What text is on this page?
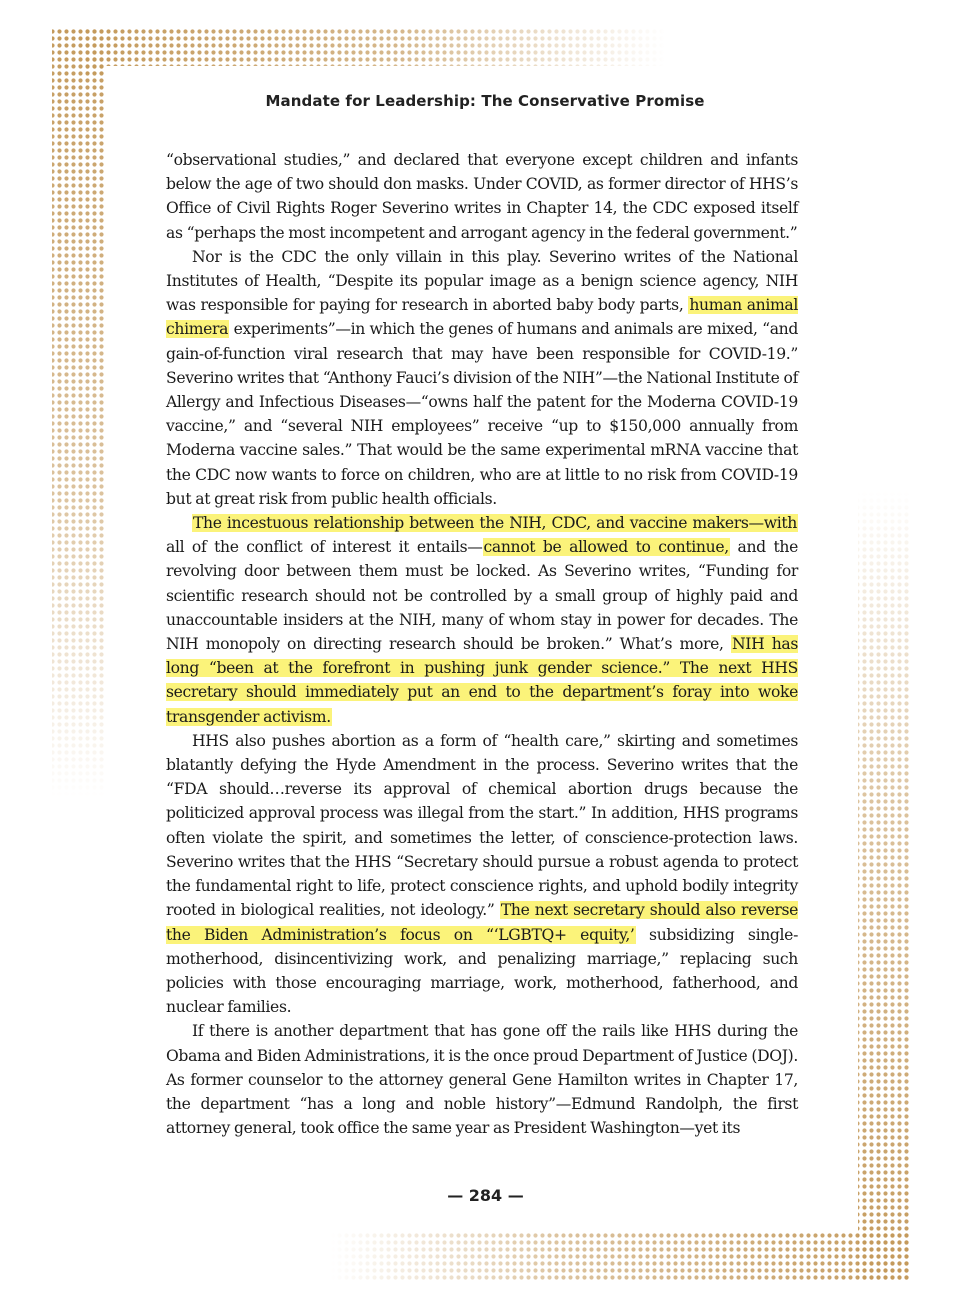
Mandate for Leadership: The Conservative Promise

“observational studies,” and declared that everyone except children and infants below the age of two should don masks. Under COVID, as former director of HHS’s Office of Civil Rights Roger Severino writes in Chapter 14, the CDC exposed itself as “perhaps the most incompetent and arrogant agency in the federal government.”

Nor is the CDC the only villain in this play. Severino writes of the National Institutes of Health, “Despite its popular image as a benign science agency, NIH was responsible for paying for research in aborted baby body parts, human animal chimera experiments”—in which the genes of humans and animals are mixed, “and gain-of-function viral research that may have been responsible for COVID-19.” Severino writes that “Anthony Fauci’s division of the NIH”—the National Institute of Allergy and Infectious Diseases—“owns half the patent for the Moderna COVID-19 vaccine,” and “several NIH employees” receive “up to $150,000 annually from Moderna vaccine sales.” That would be the same experimental mRNA vaccine that the CDC now wants to force on children, who are at little to no risk from COVID-19 but at great risk from public health officials.

The incestuous relationship between the NIH, CDC, and vaccine makers—with all of the conflict of interest it entails—cannot be allowed to continue, and the revolving door between them must be locked. As Severino writes, “Funding for scientific research should not be controlled by a small group of highly paid and unaccountable insiders at the NIH, many of whom stay in power for decades. The NIH monopoly on directing research should be broken.” What’s more, NIH has long “been at the forefront in pushing junk gender science.” The next HHS secretary should immediately put an end to the department’s foray into woke transgender activism.

HHS also pushes abortion as a form of “health care,” skirting and sometimes blatantly defying the Hyde Amendment in the process. Severino writes that the “FDA should…reverse its approval of chemical abortion drugs because the politicized approval process was illegal from the start.” In addition, HHS programs often violate the spirit, and sometimes the letter, of conscience-protection laws. Severino writes that the HHS “Secretary should pursue a robust agenda to protect the fundamental right to life, protect conscience rights, and uphold bodily integrity rooted in biological realities, not ideology.” The next secretary should also reverse the Biden Administration’s focus on “‘LGBTQ+ equity,’ subsidizing single-motherhood, disincentivizing work, and penalizing marriage,” replacing such policies with those encouraging marriage, work, motherhood, fatherhood, and nuclear families.

If there is another department that has gone off the rails like HHS during the Obama and Biden Administrations, it is the once proud Department of Justice (DOJ). As former counselor to the attorney general Gene Hamilton writes in Chapter 17, the department “has a long and noble history”—Edmund Randolph, the first attorney general, took office the same year as President Washington—yet its

— 284 —
